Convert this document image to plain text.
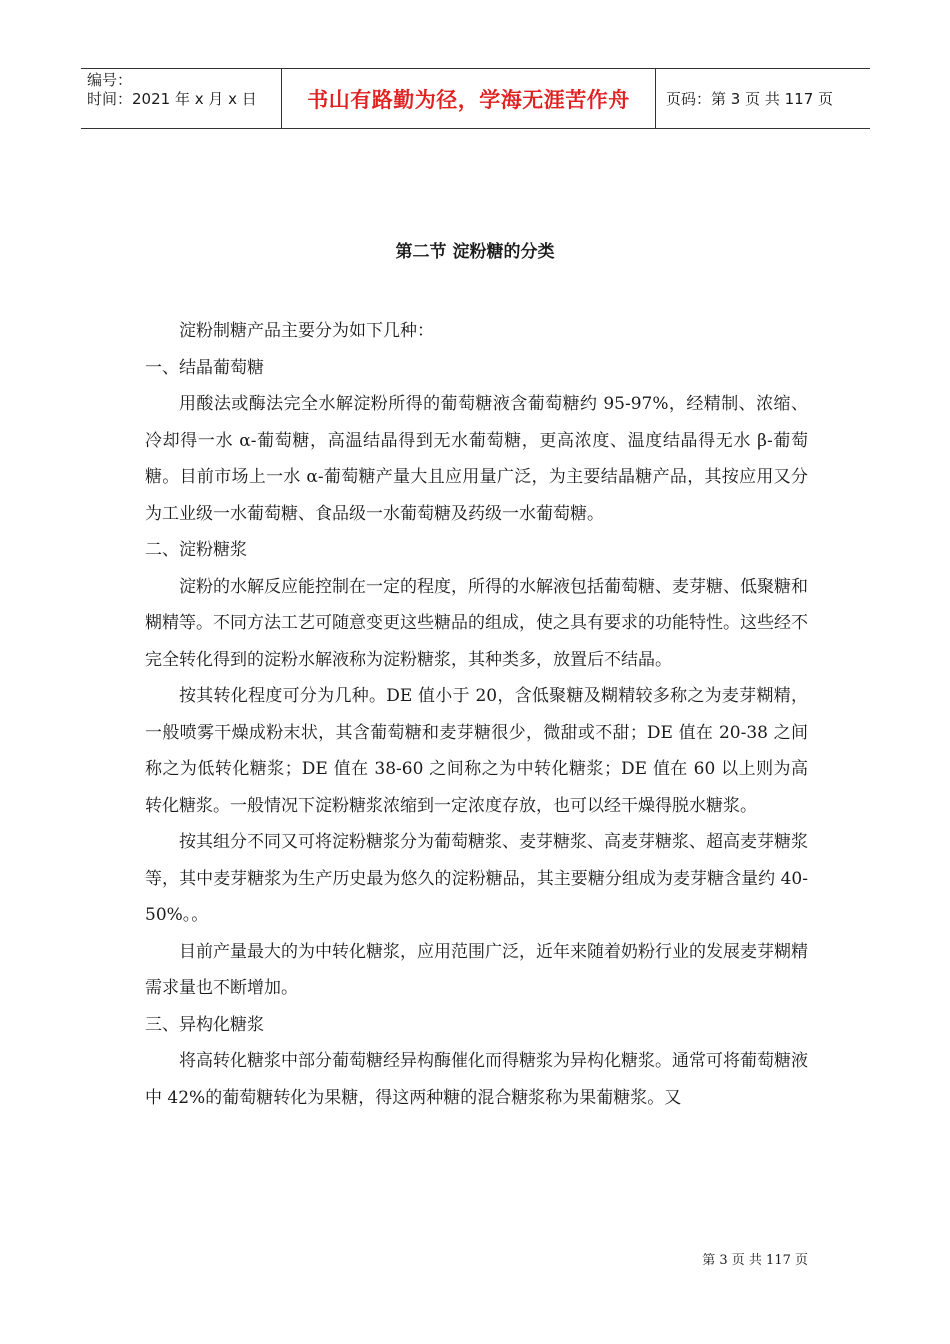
编号：
时间：2021 年 x 月 x 日	书山有路勤为径，学海无涯苦作舟 页码：第 3 页 共 117 页
第二节 淀粉糖的分类

淀粉制糖产品主要分为如下几种：

一、结晶葡萄糖

用酸法或酶法完全水解淀粉所得的葡萄糖液含葡萄糖约 95-97%，经精制、浓缩、冷却得一水 α-葡萄糖，高温结晶得到无水葡萄糖，更高浓度、温度结晶得无水 β-葡萄糖。目前市场上一水 α-葡萄糖产量大且应用量广泛，为主要结晶糖产品，其按应用又分为工业级一水葡萄糖、食品级一水葡萄糖及药级一水葡萄糖。

二、淀粉糖浆

淀粉的水解反应能控制在一定的程度，所得的水解液包括葡萄糖、麦芽糖、低聚糖和糊精等。不同方法工艺可随意变更这些糖品的组成，使之具有要求的功能特性。这些经不完全转化得到的淀粉水解液称为淀粉糖浆，其种类多，放置后不结晶。

按其转化程度可分为几种。DE 值小于 20，含低聚糖及糊精较多称之为麦芽糊精，一般喷雾干燥成粉末状，其含葡萄糖和麦芽糖很少，微甜或不甜；DE 值在 20-38 之间称之为低转化糖浆；DE 值在 38-60 之间称之为中转化糖浆；DE 值在 60 以上则为高转化糖浆。一般情况下淀粉糖浆浓缩到一定浓度存放，也可以经干燥得脱水糖浆。

按其组分不同又可将淀粉糖浆分为葡萄糖浆、麦芽糖浆、高麦芽糖浆、超高麦芽糖浆等，其中麦芽糖浆为生产历史最为悠久的淀粉糖品，其主要糖分组成为麦芽糖含量约 40-50%。。

目前产量最大的为中转化糖浆，应用范围广泛，近年来随着奶粉行业的发展麦芽糊精需求量也不断增加。

三、异构化糖浆

将高转化糖浆中部分葡萄糖经异构酶催化而得糖浆为异构化糖浆。通常可将葡萄糖液中 42%的葡萄糖转化为果糖，得这两种糖的混合糖浆称为果葡糖浆。又

第 3 页 共 117 页
